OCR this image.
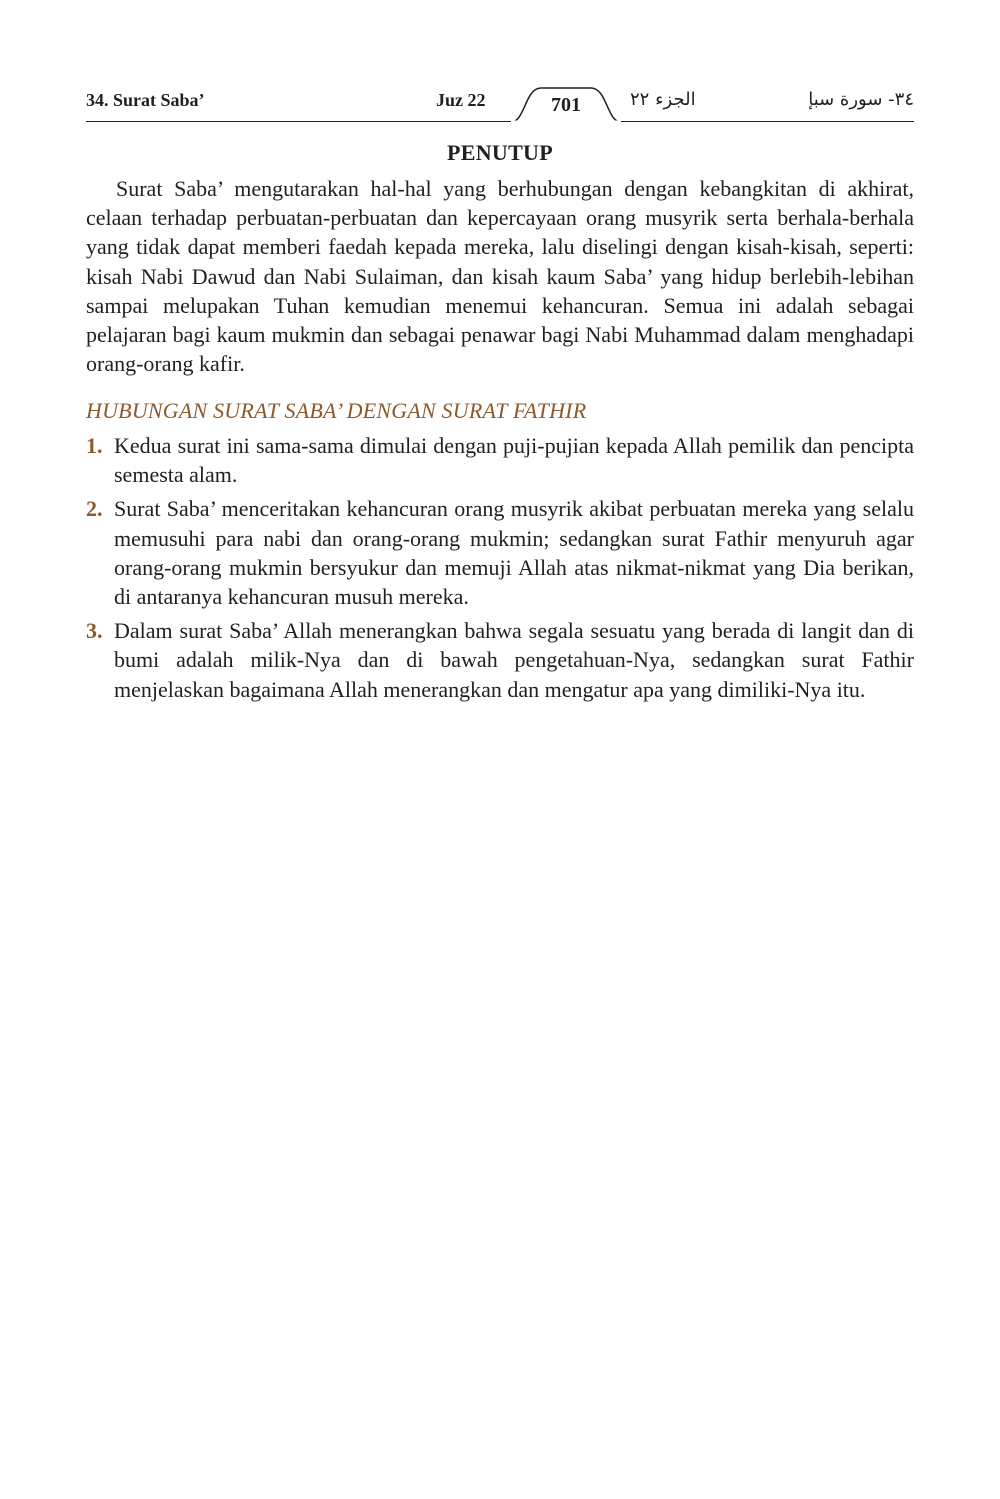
34. Surat Saba’	Juz 22	701	الجزء ٢٢	٣٤- سورة سبإ
PENUTUP

Surat Saba’ mengutarakan hal-hal yang berhubungan dengan kebangkitan di akhirat, celaan terhadap perbuatan-perbuatan dan kepercayaan orang musyrik serta berhala-berhala yang tidak dapat memberi faedah kepada mereka, lalu diselingi dengan kisah-kisah, seperti: kisah Nabi Dawud dan Nabi Sulaiman, dan kisah kaum Saba’ yang hidup berlebih-lebihan sampai melupakan Tuhan kemudian menemui kehancuran. Semua ini adalah sebagai pelajaran bagi kaum mukmin dan sebagai penawar bagi Nabi Muhammad dalam menghadapi orang-orang kafir.

HUBUNGAN SURAT SABA’ DENGAN SURAT FATHIR
1. Kedua surat ini sama-sama dimulai dengan puji-pujian kepada Allah pemilik dan pencipta semesta alam.
2. Surat Saba’ menceritakan kehancuran orang musyrik akibat perbuatan mereka yang selalu memusuhi para nabi dan orang-orang mukmin; sedangkan surat Fathir menyuruh agar orang-orang mukmin bersyukur dan memuji Allah atas nikmat-nikmat yang Dia berikan, di antaranya kehancuran musuh mereka.
3. Dalam surat Saba’ Allah menerangkan bahwa segala sesuatu yang berada di langit dan di bumi adalah milik-Nya dan di bawah pengetahuan-Nya, sedangkan surat Fathir menjelaskan bagaimana Allah menerangkan dan mengatur apa yang dimiliki-Nya itu.
